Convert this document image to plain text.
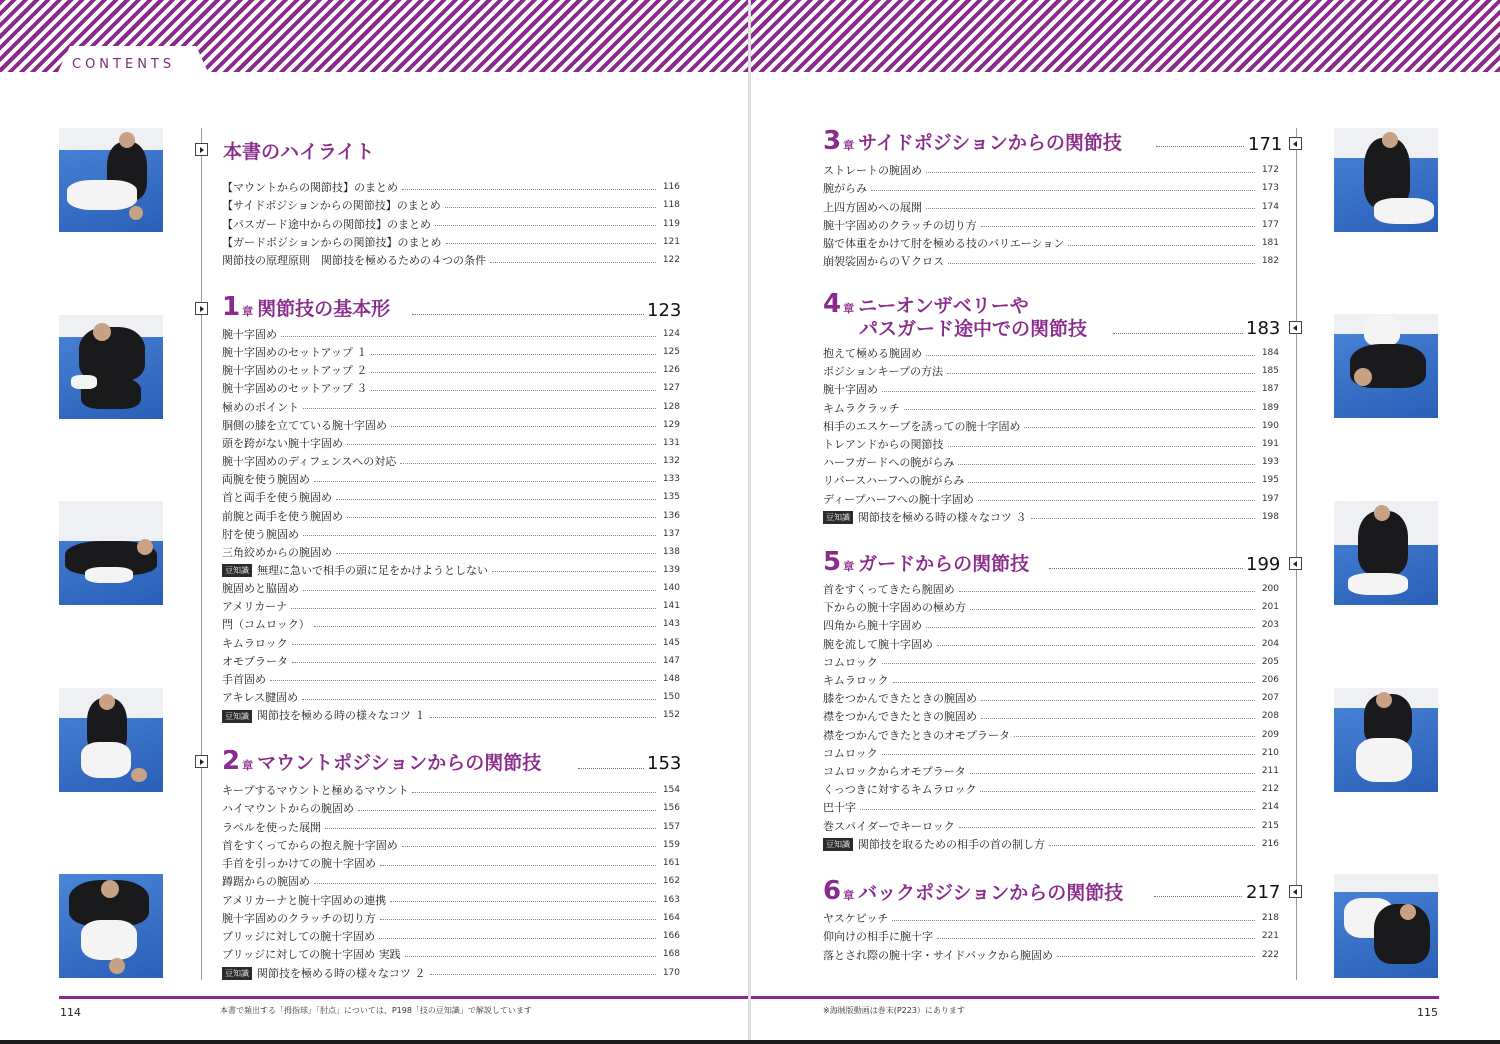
CONTENTS
本書のハイライト
1 章 関節技の基本形	123
2 章 マウントポジションからの関節技	153
114	本書で頻出する「拇指球」「肘点」については、P198「技の豆知識」で解説しています
【マウントからの関節技】のまとめ	116
【サイドポジションからの関節技】のまとめ	118
【パスガード途中からの関節技】のまとめ	119
【ガードポジションからの関節技】のまとめ	121
関節技の原理原則　関節技を極めるための４つの条件	122
腕十字固め	124
腕十字固めのセットアップ １	125
腕十字固めのセットアップ ２	126
腕十字固めのセットアップ ３	127
極めのポイント	128
胴側の膝を立てている腕十字固め	129
頭を跨がない腕十字固め	131
腕十字固めのディフェンスへの対応	132
両腕を使う腕固め	133
首と両手を使う腕固め	135
前腕と両手を使う腕固め	136
肘を使う腕固め	137
三角絞めからの腕固め	138
豆知識 無理に急いで相手の頭に足をかけようとしない	139
腕固めと脇固め	140
アメリカーナ	141
閂（コムロック）	143
キムラロック	145
オモプラータ	147
手首固め	148
アキレス腱固め	150
豆知識 関節技を極める時の様々なコツ １	152
キープするマウントと極めるマウント	154
ハイマウントからの腕固め	156
ラペルを使った展開	157
首をすくってからの抱え腕十字固め	159
手首を引っかけての腕十字固め	161
蹲踞からの腕固め	162
アメリカーナと腕十字固めの連携	163
腕十字固めのクラッチの切り方	164
ブリッジに対しての腕十字固め	166
ブリッジに対しての腕十字固め 実践	168
豆知識 関節技を極める時の様々なコツ ２	170
3 章 サイドポジションからの関節技	171
4 章 ニーオンザベリーや
パスガード途中での関節技	183
5 章 ガードからの関節技	199
6 章 バックポジションからの関節技	217
※海賊版動画は巻末(P223）にあります	115
ストレートの腕固め	172
腕がらみ	173
上四方固めへの展開	174
腕十字固めのクラッチの切り方	177
脇で体重をかけて肘を極める技のバリエーション	181
崩袈裟固からのＶクロス	182
抱えて極める腕固め	184
ポジションキープの方法	185
腕十字固め	187
キムラクラッチ	189
相手のエスケープを誘っての腕十字固め	190
トレアンドからの関節技	191
ハーフガードへの腕がらみ	193
リバースハーフへの腕がらみ	195
ディープハーフへの腕十字固め	197
豆知識 関節技を極める時の様々なコツ ３	198
首をすくってきたら腕固め	200
下からの腕十字固めの極め方	201
四角から腕十字固め	203
腕を流して腕十字固め	204
コムロック	205
キムラロック	206
膝をつかんできたときの腕固め	207
襟をつかんできたときの腕固め	208
襟をつかんできたときのオモプラータ	209
コムロック	210
コムロックからオモプラータ	211
くっつきに対するキムラロック	212
巴十字	214
巻スパイダーでキーロック	215
豆知識 関節技を取るための相手の首の制し方	216
ヤスケピッチ	218
仰向けの相手に腕十字	221
落とされ際の腕十字・サイドバックから腕固め	222
